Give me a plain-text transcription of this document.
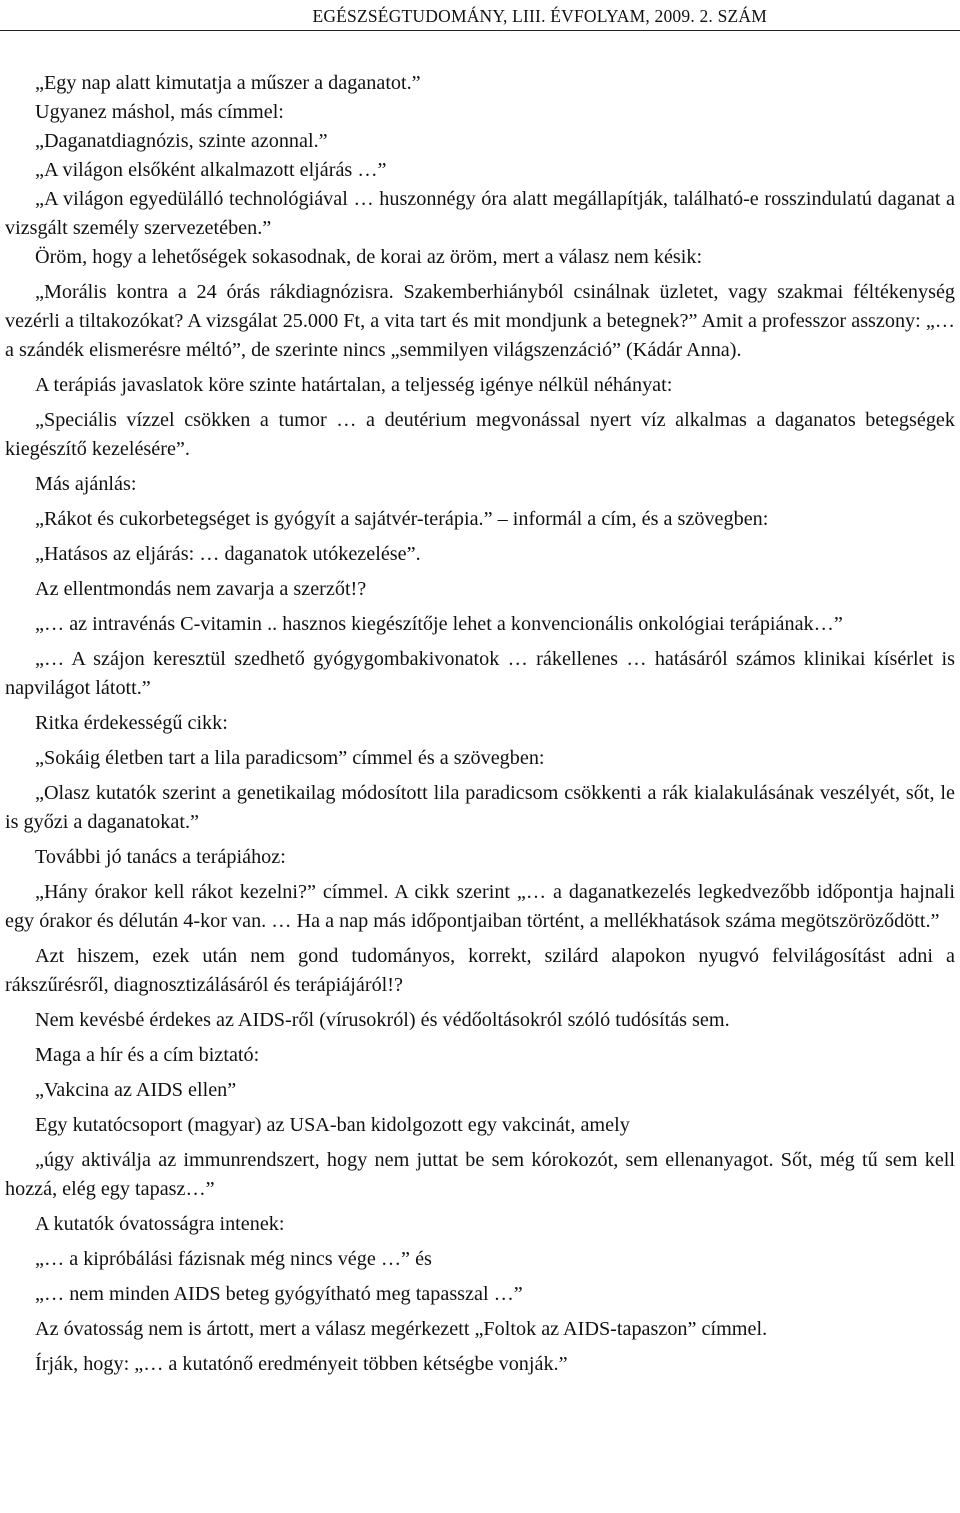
EGÉSZSÉGTUDOMÁNY, LIII. ÉVFOLYAM, 2009. 2. SZÁM

„Egy nap alatt kimutatja a műszer a daganatot.”

Ugyanez máshol, más címmel:

„Daganatdiagnózis, szinte azonnal.”

„A világon elsőként alkalmazott eljárás …”

„A világon egyedülálló technológiával … huszonnégy óra alatt megállapítják, található-e rosszindulatú daganat a vizsgált személy szervezetében.”

Öröm, hogy a lehetőségek sokasodnak, de korai az öröm, mert a válasz nem késik:

„Morális kontra a 24 órás rákdiagnózisra. Szakemberhiányból csinálnak üzletet, vagy szakmai féltékenység vezérli a tiltakozókat? A vizsgálat 25.000 Ft, a vita tart és mit mondjunk a betegnek?” Amit a professzor asszony: „… a szándék elismerésre méltó”, de szerinte nincs „semmilyen világszenzáció” (Kádár Anna).

A terápiás javaslatok köre szinte határtalan, a teljesség igénye nélkül néhányat:

„Speciális vízzel csökken a tumor … a deutérium megvonással nyert víz alkalmas a daganatos betegségek kiegészítő kezelésére”.

Más ajánlás:

„Rákot és cukorbetegséget is gyógyít a sajátvér-terápia.” – informál a cím, és a szövegben:

„Hatásos az eljárás: … daganatok utókezelése”.

Az ellentmondás nem zavarja a szerzőt!?

„… az intravénás C-vitamin .. hasznos kiegészítője lehet a konvencionális onkológiai terápiának…”

„… A szájon keresztül szedhető gyógygombakivonatok … rákellenes … hatásáról számos klinikai kísérlet is napvilágot látott.”

Ritka érdekességű cikk:

„Sokáig életben tart a lila paradicsom” címmel és a szövegben:

„Olasz kutatók szerint a genetikailag módosított lila paradicsom csökkenti a rák kialakulásának veszélyét, sőt, le is győzi a daganatokat.”

További jó tanács a terápiához:

„Hány órakor kell rákot kezelni?” címmel. A cikk szerint „… a daganatkezelés legkedvezőbb időpontja hajnali egy órakor és délután 4-kor van. … Ha a nap más időpontjaiban történt, a mellékhatások száma megötszöröződött.”

Azt hiszem, ezek után nem gond tudományos, korrekt, szilárd alapokon nyugvó felvilágosítást adni a rákszűrésről, diagnosztizálásáról és terápiájáról!?

Nem kevésbé érdekes az AIDS-ről (vírusokról) és védőoltásokról szóló tudósítás sem.

Maga a hír és a cím biztató:

„Vakcina az AIDS ellen”

Egy kutatócsoport (magyar) az USA-ban kidolgozott egy vakcinát, amely

„úgy aktiválja az immunrendszert, hogy nem juttat be sem kórokozót, sem ellenanyagot. Sőt, még tű sem kell hozzá, elég egy tapasz…”

A kutatók óvatosságra intenek:

„… a kipróbálási fázisnak még nincs vége …” és

„… nem minden AIDS beteg gyógyítható meg tapasszal …”

Az óvatosság nem is ártott, mert a válasz megérkezett „Foltok az AIDS-tapaszon” címmel.

Írják, hogy: „… a kutatónő eredményeit többen kétségbe vonják.”
